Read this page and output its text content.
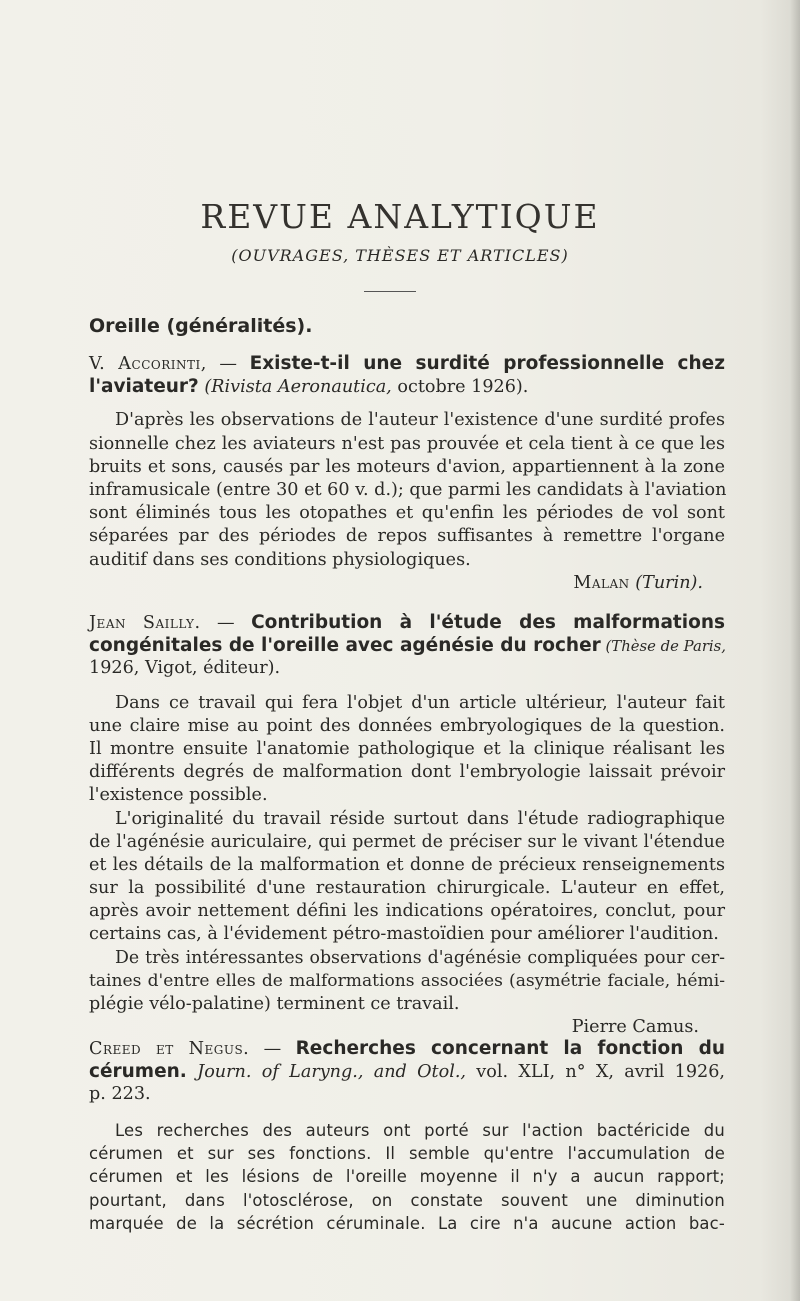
REVUE ANALYTIQUE
(OUVRAGES, THÈSES ET ARTICLES)
Oreille (généralités).
V. Accorinti, — Existe-t-il une surdité professionnelle chez
l'aviateur? (Rivista Aeronautica, octobre 1926).
D'après les observations de l'auteur l'existence d'une surdité profes
sionnelle chez les aviateurs n'est pas prouvée et cela tient à ce que les
bruits et sons, causés par les moteurs d'avion, appartiennent à la zone
inframusicale (entre 30 et 60 v. d.); que parmi les candidats à l'aviation
sont éliminés tous les otopathes et qu'enfin les périodes de vol sont
séparées par des périodes de repos suffisantes à remettre l'organe
auditif dans ses conditions physiologiques.
Malan (Turin).
Jean Sailly. — Contribution à l'étude des malformations
congénitales de l'oreille avec agénésie du rocher (Thèse de Paris,
1926, Vigot, éditeur).
Dans ce travail qui fera l'objet d'un article ultérieur, l'auteur fait
une claire mise au point des données embryologiques de la question.
Il montre ensuite l'anatomie pathologique et la clinique réalisant les
différents degrés de malformation dont l'embryologie laissait prévoir
l'existence possible.
L'originalité du travail réside surtout dans l'étude radiographique
de l'agénésie auriculaire, qui permet de préciser sur le vivant l'étendue
et les détails de la malformation et donne de précieux renseignements
sur la possibilité d'une restauration chirurgicale. L'auteur en effet,
après avoir nettement défini les indications opératoires, conclut, pour
certains cas, à l'évidement pétro-mastoïdien pour améliorer l'audition.
De très intéressantes observations d'agénésie compliquées pour cer-
taines d'entre elles de malformations associées (asymétrie faciale, hémi-
plégie vélo-palatine) terminent ce travail.
Pierre Camus.
Creed et Negus. — Recherches concernant la fonction du
cérumen. Journ. of Laryng., and Otol., vol. XLI, n° X, avril 1926,
p. 223.
Les recherches des auteurs ont porté sur l'action bactéricide du
cérumen et sur ses fonctions. Il semble qu'entre l'accumulation de
cérumen et les lésions de l'oreille moyenne il n'y a aucun rapport;
pourtant, dans l'otosclérose, on constate souvent une diminution
marquée de la sécrétion céruminale. La cire n'a aucune action bac-
